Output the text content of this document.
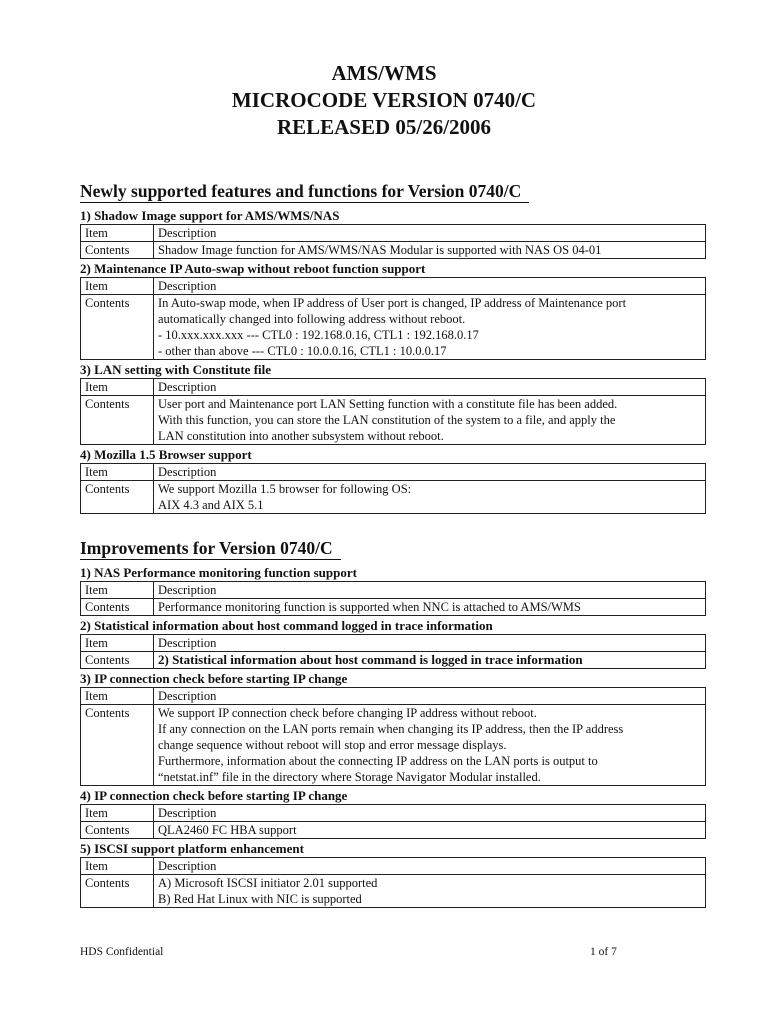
AMS/WMS
MICROCODE VERSION 0740/C
RELEASED 05/26/2006
Newly supported features and functions for Version 0740/C
1) Shadow Image support for AMS/WMS/NAS
Item	Description
Contents	Shadow Image function for AMS/WMS/NAS Modular is supported with NAS OS 04-01
2) Maintenance IP Auto-swap without reboot function support
Item	Description
Contents	In Auto-swap mode, when IP address of User port is changed, IP address of Maintenance port
automatically changed into following address without reboot.
- 10.xxx.xxx.xxx --- CTL0 : 192.168.0.16, CTL1 : 192.168.0.17
- other than above --- CTL0 : 10.0.0.16, CTL1 : 10.0.0.17
3) LAN setting with Constitute file
Item	Description
Contents	User port and Maintenance port LAN Setting function with a constitute file has been added.
With this function, you can store the LAN constitution of the system to a file, and apply the
LAN constitution into another subsystem without reboot.
4) Mozilla 1.5 Browser support
Item	Description
Contents	We support Mozilla 1.5 browser for following OS:
AIX 4.3 and AIX 5.1
Improvements for Version 0740/C
1) NAS Performance monitoring function support
Item	Description
Contents	Performance monitoring function is supported when NNC is attached to AMS/WMS
2) Statistical information about host command logged in trace information
Item	Description
Contents	2) Statistical information about host command is logged in trace information
3) IP connection check before starting IP change
Item	Description
Contents	We support IP connection check before changing IP address without reboot.
If any connection on the LAN ports remain when changing its IP address, then the IP address
change sequence without reboot will stop and error message displays.
Furthermore, information about the connecting IP address on the LAN ports is output to
“netstat.inf” file in the directory where Storage Navigator Modular installed.
4) IP connection check before starting IP change
Item	Description
Contents	QLA2460 FC HBA support
5) ISCSI support platform enhancement
Item	Description
Contents	A) Microsoft ISCSI initiator 2.01 supported
B) Red Hat Linux with NIC is supported
HDS Confidential	1 of 7
